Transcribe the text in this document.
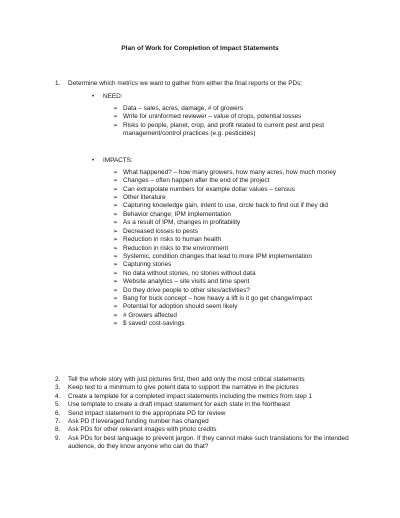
Plan of Work for Completion of Impact Statements
1. Determine which metrics we want to gather from either the final reports or the PDs:
• NEED:
➢ Data – sales, acres, damage, # of growers
➢ Write for uninformed reviewer – value of crops, potential losses
➢ Risks to people, planet, crop, and profit related to current pest and pest management/control practices (e.g. pesticides)
• IMPACTS:
➢ What happened? – how many growers, how many acres, how much money
➢ Changes – often happen after the end of the project
➢ Can extrapolate numbers for example dollar values – census
➢ Other literature
➢ Capturing knowledge gain, intent to use, circle back to find out if they did
➢ Behavior change; IPM implementation
➢ As a result of IPM, changes in profitability
➢ Decreased losses to pests
➢ Reduction in risks to human health
➢ Reduction in risks to the environment
➢ Systemic, condition changes that lead to more IPM implementation
➢ Capturing stories
➢ No data without stories, no stories without data
➢ Website analytics – site visits and time spent
➢ Do they drive people to other sites/activities?
➢ Bang for buck concept – how heavy a lift is it go get change/impact
➢ Potential for adoption should seem likely
➢ # Growers affected
➢ $ saved/ cost-savings
2. Tell the whole story with just pictures first, then add only the most critical statements
3. Keep text to a minimum to give potent data to support the narrative in the pictures
4. Create a template for a completed impact statements including the metrics from step 1
5. Use template to create a draft impact statement for each state in the Northeast
6. Send impact statement to the appropriate PD for review
7. Ask PD if leveraged funding number has changed
8. Ask PDs for other relevant images with photo credits
9. Ask PDs for best language to prevent jargon. If they cannot make such translations for the intended audience, do they know anyone who can do that?
